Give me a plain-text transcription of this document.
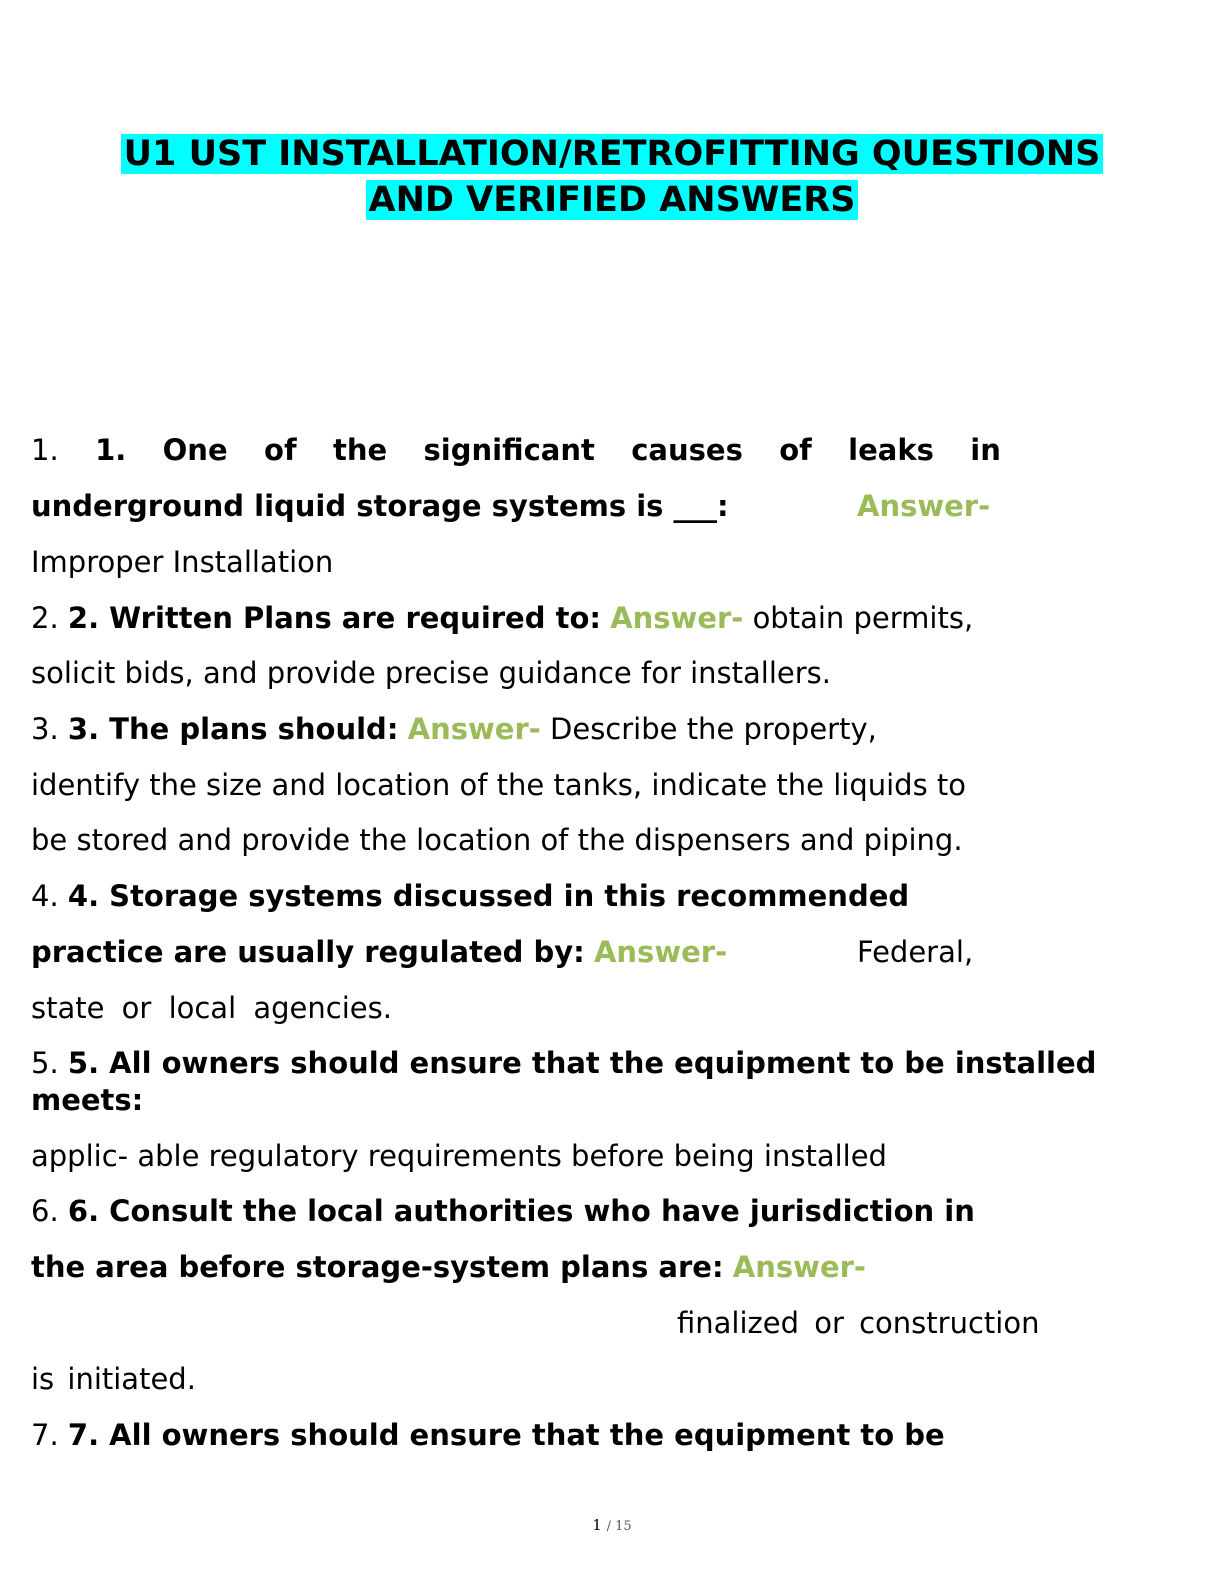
U1 UST INSTALLATION/RETROFITTING QUESTIONS
AND VERIFIED ANSWERS
1. 1. One of the significant causes of leaks in
underground liquid storage systems is ___:	Answer-
Improper Installation
2. 2. Written Plans are required to: Answer- obtain permits,
solicit bids, and provide precise guidance for installers.
3. 3. The plans should: Answer- Describe the property,
identify the size and location of the tanks, indicate the liquids to
be stored and provide the location of the dispensers and piping.
4. 4. Storage systems discussed in this recommended
practice are usually regulated by: Answer-	Federal,
state or local agencies.
5. 5. All owners should ensure that the equipment to be installed
meets:
applic- able regulatory requirements before being installed
6. 6. Consult the local authorities who have jurisdiction in
the area before storage-system plans are: Answer-
finalized or construction
is initiated.
7. 7. All owners should ensure that the equipment to be
1 / 15
